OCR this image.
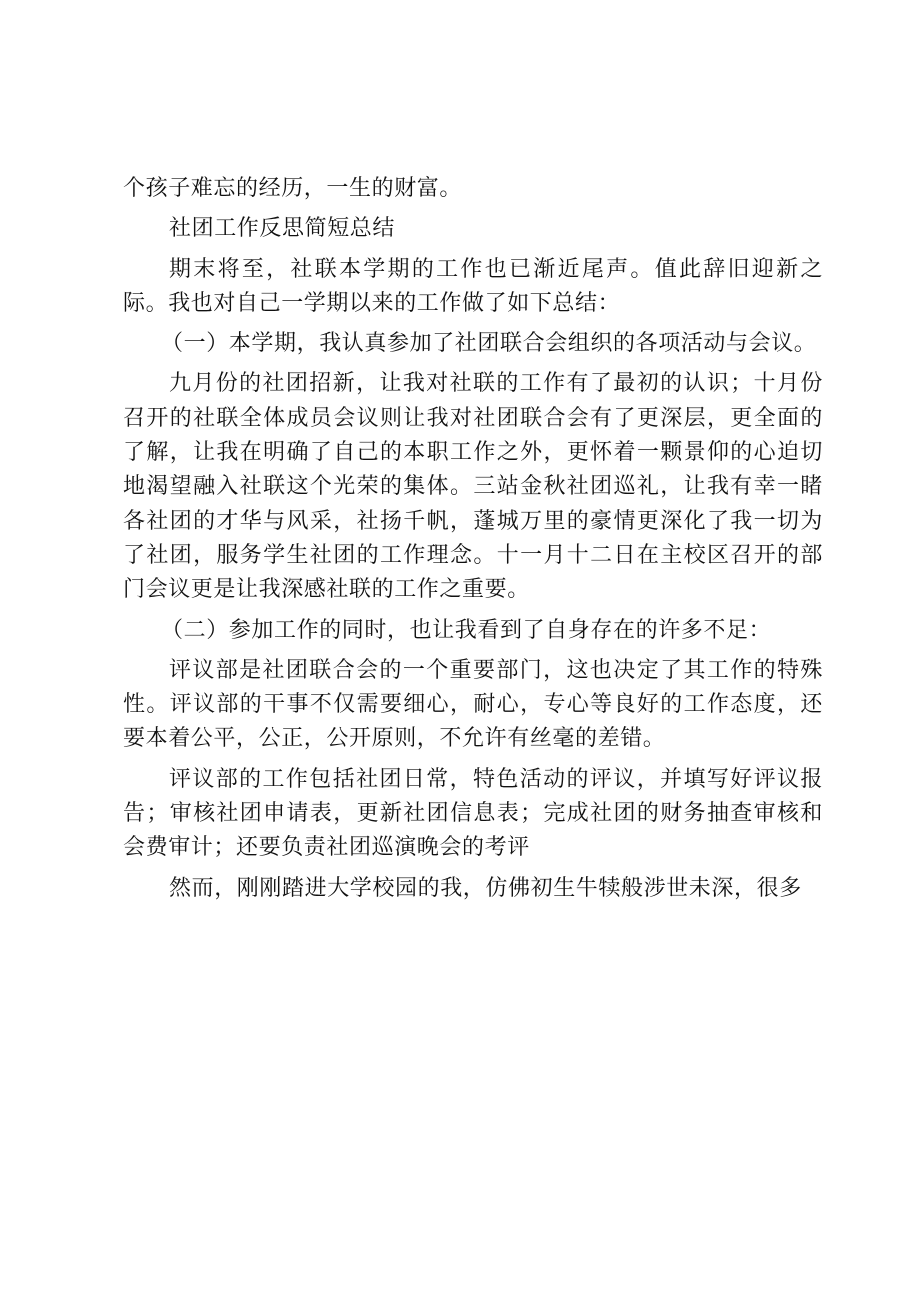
个孩子难忘的经历，一生的财富。

社团工作反思简短总结

期末将至，社联本学期的工作也已渐近尾声。值此辞旧迎新之际。我也对自己一学期以来的工作做了如下总结：

（一）本学期，我认真参加了社团联合会组织的各项活动与会议。

九月份的社团招新，让我对社联的工作有了最初的认识；十月份召开的社联全体成员会议则让我对社团联合会有了更深层，更全面的了解，让我在明确了自己的本职工作之外，更怀着一颗景仰的心迫切地渴望融入社联这个光荣的集体。三站金秋社团巡礼，让我有幸一睹各社团的才华与风采，社扬千帆，蓬城万里的豪情更深化了我一切为了社团，服务学生社团的工作理念。十一月十二日在主校区召开的部门会议更是让我深感社联的工作之重要。

（二）参加工作的同时，也让我看到了自身存在的许多不足：

评议部是社团联合会的一个重要部门，这也决定了其工作的特殊性。评议部的干事不仅需要细心，耐心，专心等良好的工作态度，还要本着公平，公正，公开原则，不允许有丝毫的差错。

评议部的工作包括社团日常，特色活动的评议，并填写好评议报告；审核社团申请表，更新社团信息表；完成社团的财务抽查审核和会费审计；还要负责社团巡演晚会的考评

然而，刚刚踏进大学校园的我，仿佛初生牛犊般涉世未深，很多
